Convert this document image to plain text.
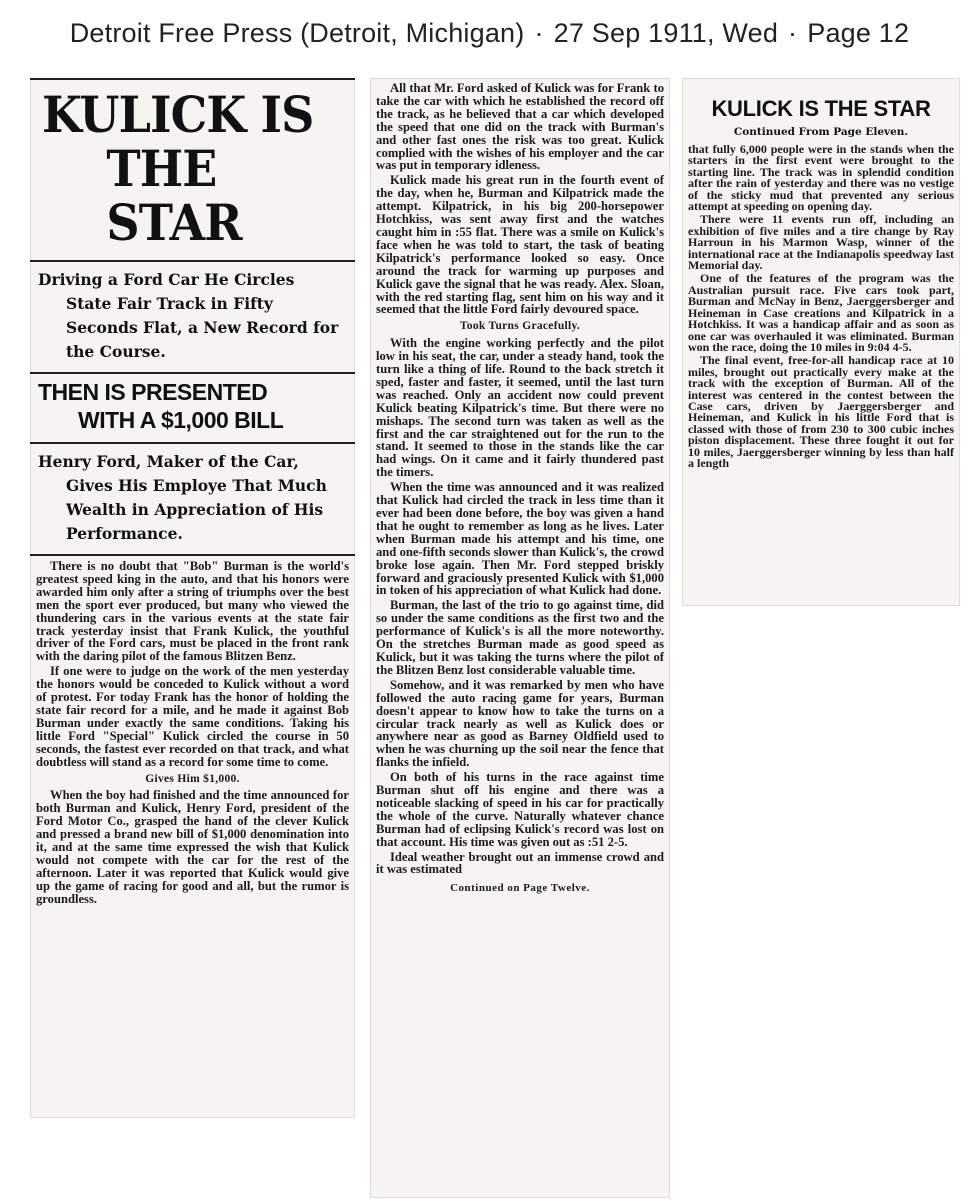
Detroit Free Press (Detroit, Michigan) · 27 Sep 1911, Wed · Page 12
KULICK IS
THE STAR
Driving a Ford Car He Circles
State Fair Track in Fifty
Seconds Flat, a New Record for
the Course.
THEN IS PRESENTED
WITH A $1,000 BILL
Henry Ford, Maker of the Car,
Gives His Employe That Much
Wealth in Appreciation of His
Performance.

There is no doubt that "Bob" Burman is the world's greatest speed king in the auto, and that his honors were awarded him only after a string of triumphs over the best men the sport ever produced, but many who viewed the thundering cars in the various events at the state fair track yesterday insist that Frank Kulick, the youthful driver of the Ford cars, must be placed in the front rank with the daring pilot of the famous Blitzen Benz.

If one were to judge on the work of the men yesterday the honors would be conceded to Kulick without a word of protest. For today Frank has the honor of holding the state fair record for a mile, and he made it against Bob Burman under exactly the same conditions. Taking his little Ford "Special" Kulick circled the course in 50 seconds, the fastest ever recorded on that track, and what doubtless will stand as a record for some time to come.

Gives Him $1,000.

When the boy had finished and the time announced for both Burman and Kulick, Henry Ford, president of the Ford Motor Co., grasped the hand of the clever Kulick and pressed a brand new bill of $1,000 denomination into it, and at the same time expressed the wish that Kulick would not compete with the car for the rest of the afternoon. Later it was reported that Kulick would give up the game of racing for good and all, but the rumor is groundless.

All that Mr. Ford asked of Kulick was for Frank to take the car with which he established the record off the track, as he believed that a car which developed the speed that one did on the track with Burman's and other fast ones the risk was too great. Kulick complied with the wishes of his employer and the car was put in temporary idleness.

Kulick made his great run in the fourth event of the day, when he, Burman and Kilpatrick made the attempt. Kilpatrick, in his big 200-horsepower Hotchkiss, was sent away first and the watches caught him in :55 flat. There was a smile on Kulick's face when he was told to start, the task of beating Kilpatrick's performance looked so easy. Once around the track for warming up purposes and Kulick gave the signal that he was ready. Alex. Sloan, with the red starting flag, sent him on his way and it seemed that the little Ford fairly devoured space.

Took Turns Gracefully.

With the engine working perfectly and the pilot low in his seat, the car, under a steady hand, took the turn like a thing of life. Round to the back stretch it sped, faster and faster, it seemed, until the last turn was reached. Only an accident now could prevent Kulick beating Kilpatrick's time. But there were no mishaps. The second turn was taken as well as the first and the car straightened out for the run to the stand. It seemed to those in the stands like the car had wings. On it came and it fairly thundered past the timers.

When the time was announced and it was realized that Kulick had circled the track in less time than it ever had been done before, the boy was given a hand that he ought to remember as long as he lives. Later when Burman made his attempt and his time, one and one-fifth seconds slower than Kulick's, the crowd broke lose again. Then Mr. Ford stepped briskly forward and graciously presented Kulick with $1,000 in token of his appreciation of what Kulick had done.

Burman, the last of the trio to go against time, did so under the same conditions as the first two and the performance of Kulick's is all the more noteworthy. On the stretches Burman made as good speed as Kulick, but it was taking the turns where the pilot of the Blitzen Benz lost considerable valuable time.

Somehow, and it was remarked by men who have followed the auto racing game for years, Burman doesn't appear to know how to take the turns on a circular track nearly as well as Kulick does or anywhere near as good as Barney Oldfield used to when he was churning up the soil near the fence that flanks the infield.

On both of his turns in the race against time Burman shut off his engine and there was a noticeable slacking of speed in his car for practically the whole of the curve. Naturally whatever chance Burman had of eclipsing Kulick's record was lost on that account. His time was given out as :51 2-5.

Ideal weather brought out an immense crowd and it was estimated

Continued on Page Twelve.
KULICK IS THE STAR
Continued From Page Eleven.

that fully 6,000 people were in the stands when the starters in the first event were brought to the starting line. The track was in splendid condition after the rain of yesterday and there was no vestige of the sticky mud that prevented any serious attempt at speeding on opening day.

There were 11 events run off, including an exhibition of five miles and a tire change by Ray Harroun in his Marmon Wasp, winner of the international race at the Indianapolis speedway last Memorial day.

One of the features of the program was the Australian pursuit race. Five cars took part, Burman and McNay in Benz, Jaerggersberger and Heineman in Case creations and Kilpatrick in a Hotchkiss. It was a handicap affair and as soon as one car was overhauled it was eliminated. Burman won the race, doing the 10 miles in 9:04 4-5.

The final event, free-for-all handicap race at 10 miles, brought out practically every make at the track with the exception of Burman. All of the interest was centered in the contest between the Case cars, driven by Jaerggersberger and Heineman, and Kulick in his little Ford that is classed with those of from 230 to 300 cubic inches piston displacement. These three fought it out for 10 miles, Jaerggersberger winning by less than half a length
